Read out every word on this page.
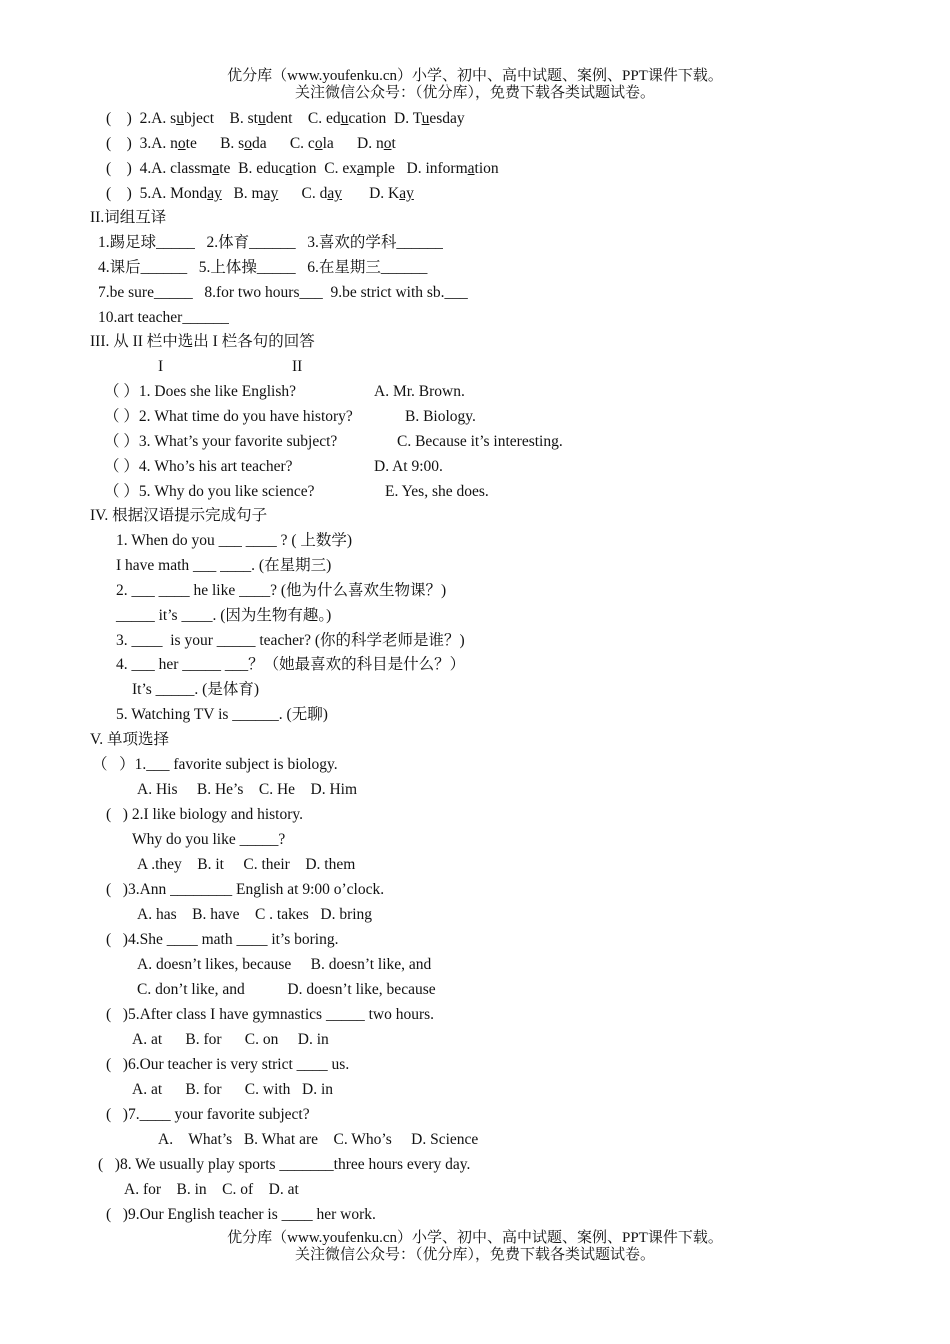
优分库（www.youfenku.cn）小学、初中、高中试题、案例、PPT课件下载。
关注微信公众号：（优分库），免费下载各类试题试卷。
(    )  2.A. subject    B. student    C. education  D. Tuesday
(    )  3.A. note      B. soda      C. cola      D. not
(    )  4.A. classmate  B. education  C. example   D. information
(    )  5.A. Monday   B. may      C. day       D. Kay
II.词组互译
1.踢足球_____   2.体育______   3.喜欢的学科______
4.课后______   5.上体操_____   6.在星期三______
7.be sure_____   8.for two hours___  9.be strict with sb.___
10.art teacher______
III. 从 II 栏中选出 I 栏各句的回答
I	II
（ ）1. Does she like English?	A. Mr. Brown.
（ ）2. What time do you have history?	B. Biology.
（ ）3. What’s your favorite subject?	C. Because it’s interesting.
（ ）4. Who’s his art teacher?	D. At 9:00.
（ ）5. Why do you like science?	E. Yes, she does.
IV. 根据汉语提示完成句子
1. When do you ___ ____ ? ( 上数学)
I have math ___ ____. (在星期三)
2. ___ ____ he like ____? (他为什么喜欢生物课？)
_____ it’s ____. (因为生物有趣。)
3. ____  is your _____ teacher? (你的科学老师是谁？)
4. ___ her _____ ___？（她最喜欢的科目是什么？）
It’s _____. (是体育)
5. Watching TV is ______. (无聊)
V. 单项选择
（   ）1.___ favorite subject is biology.
A. His     B. He’s    C. He    D. Him
(   ) 2.I like biology and history.
Why do you like _____?
A .they    B. it     C. their    D. them
(   )3.Ann ________ English at 9:00 o’clock.
A. has    B. have    C . takes   D. bring
(   )4.She ____ math ____ it’s boring.
A. doesn’t likes, because     B. doesn’t like, and
C. don’t like, and           D. doesn’t like, because
(   )5.After class I have gymnastics _____ two hours.
A. at      B. for      C. on     D. in
(   )6.Our teacher is very strict ____ us.
A. at      B. for      C. with   D. in
(   )7.____ your favorite subject?
A.    What’s   B. What are    C. Who’s     D. Science
(   )8. We usually play sports _______three hours every day.
A. for    B. in    C. of    D. at
(   )9.Our English teacher is ____ her work.
优分库（www.youfenku.cn）小学、初中、高中试题、案例、PPT课件下载。
关注微信公众号：（优分库），免费下载各类试题试卷。
